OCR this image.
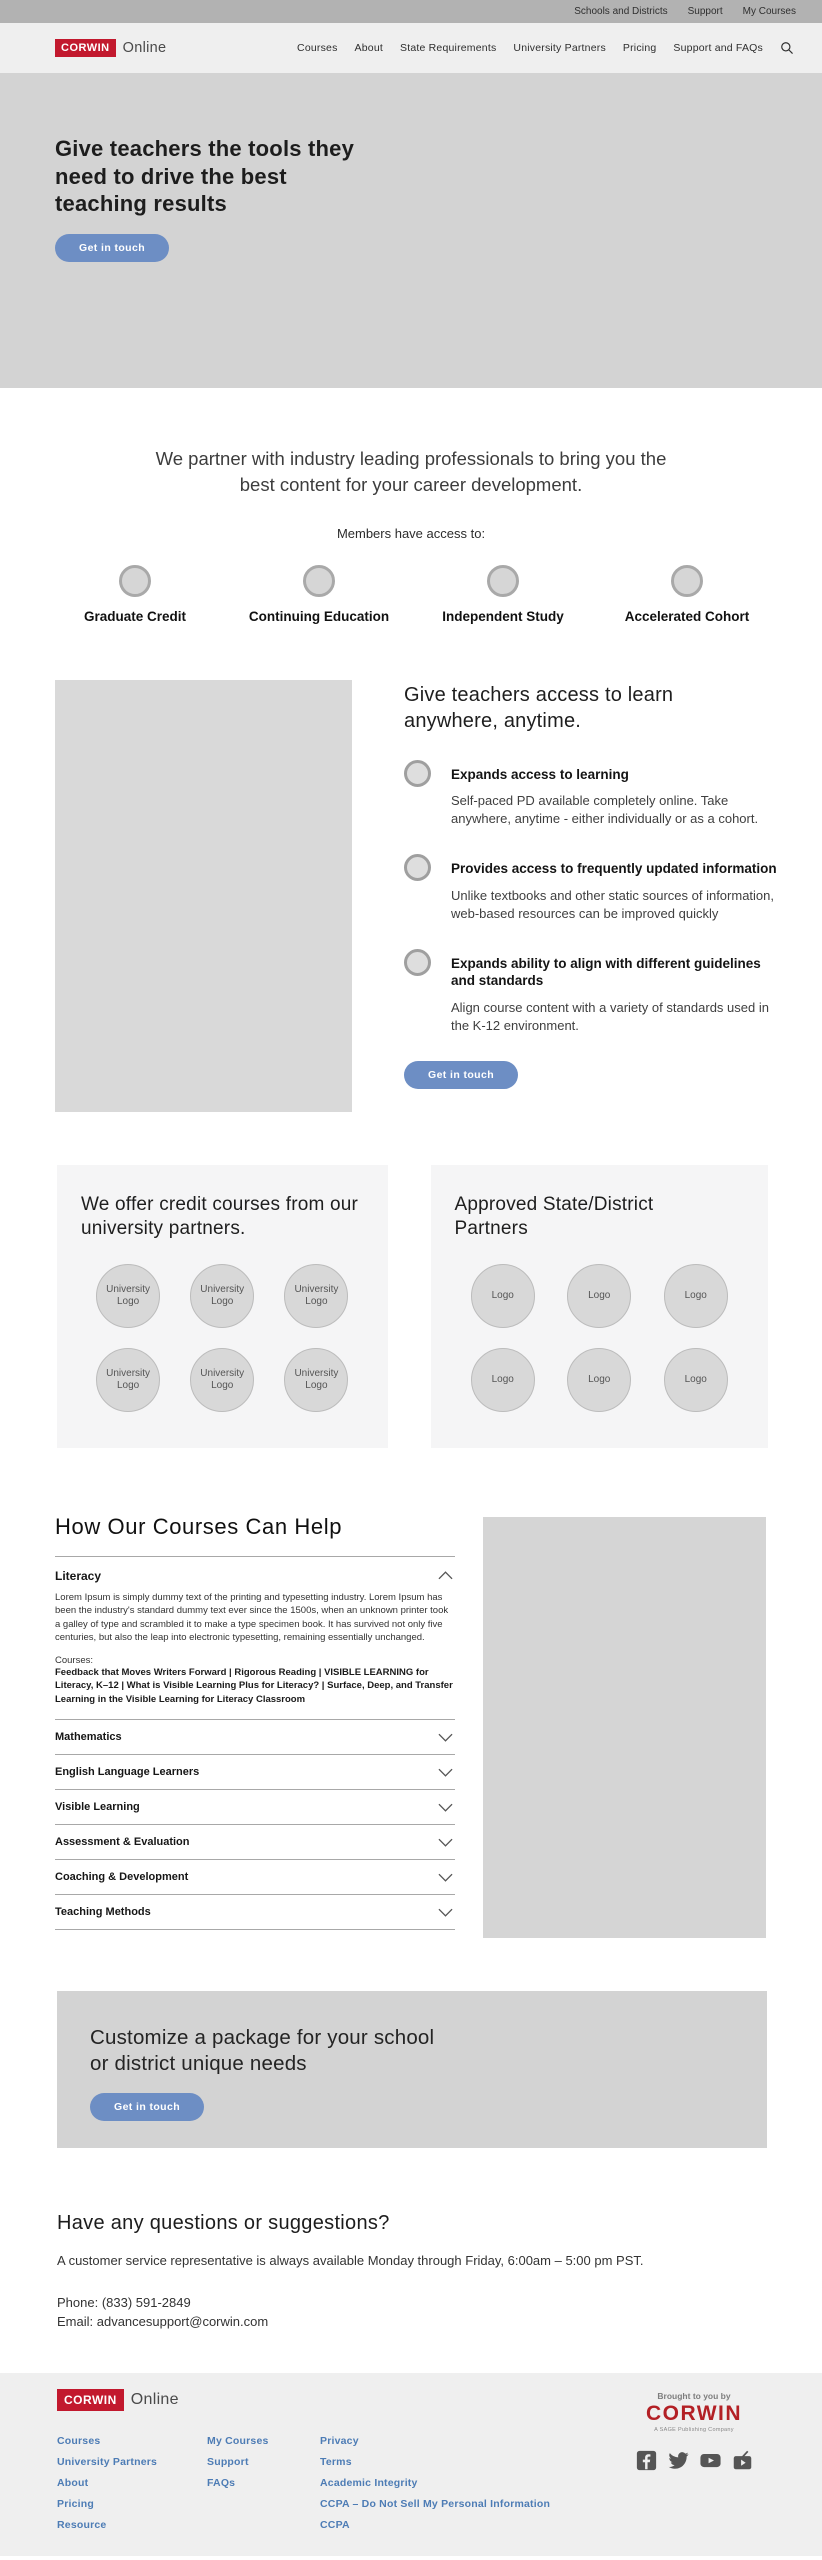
Schools and Districts Support My Courses
CORWIN Online	Courses About State Requirements University Partners Pricing Support and FAQs
Give teachers the tools they need to drive the best teaching results
Get in touch
We partner with industry leading professionals to bring you the best content for your career development.
Members have access to:
Graduate Credit	Continuing Education	Independent Study	Accelerated Cohort
Give teachers access to learn anywhere, anytime.
Expands access to learning
Self-paced PD available completely online. Take anywhere, anytime - either individually or as a cohort.
Provides access to frequently updated information
Unlike textbooks and other static sources of information, web-based resources can be improved quickly
Expands ability to align with different guidelines and standards
Align course content with a variety of standards used in the K-12 environment.
Get in touch
We offer credit courses from our university partners.
University Logo
University Logo
University Logo
University Logo
University Logo
University Logo
Approved State/District Partners
Logo	Logo	Logo
Logo	Logo	Logo
How Our Courses Can Help
Literacy
Lorem Ipsum is simply dummy text of the printing and typesetting industry. Lorem Ipsum has been the industry's standard dummy text ever since the 1500s, when an unknown printer took a galley of type and scrambled it to make a type specimen book. It has survived not only five centuries, but also the leap into electronic typesetting, remaining essentially unchanged.
Courses:
Feedback that Moves Writers Forward | Rigorous Reading | VISIBLE LEARNING for Literacy, K–12 | What is Visible Learning Plus for Literacy? | Surface, Deep, and Transfer Learning in the Visible Learning for Literacy Classroom
Mathematics
English Language Learners
Visible Learning
Assessment & Evaluation
Coaching & Development
Teaching Methods
Customize a package for your school or district unique needs
Get in touch
Have any questions or suggestions?
A customer service representative is always available Monday through Friday, 6:00am – 5:00 pm PST.
Phone: (833) 591-2849
Email: advancesupport@corwin.com
CORWIN Online
Courses
University Partners
About
Pricing
Resource
My Courses
Support
FAQs
Privacy
Terms
Academic Integrity
CCPA – Do Not Sell My Personal Information
CCPA
Brought to you by
CORWIN
A SAGE Publishing Company
